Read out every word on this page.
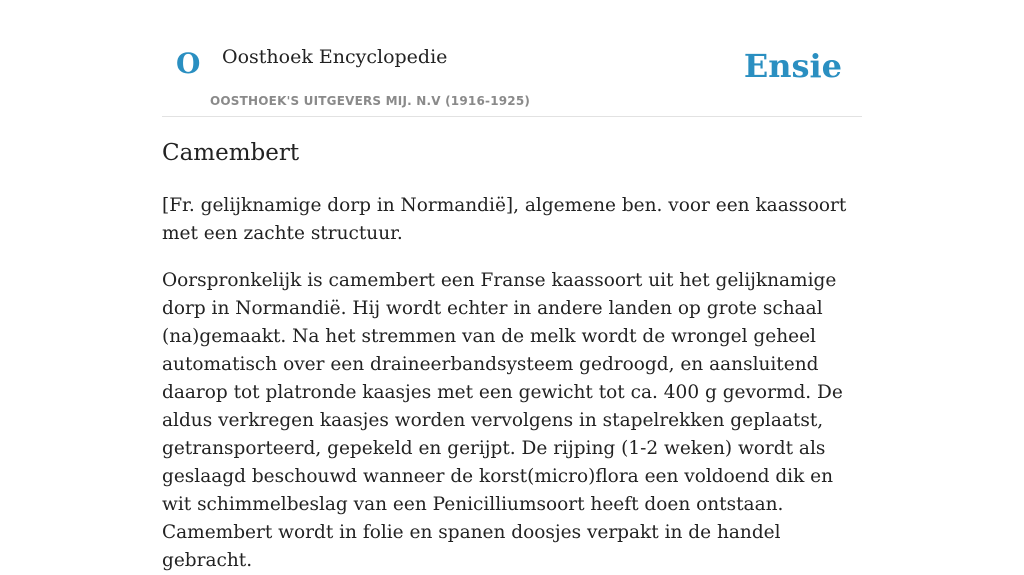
O Oosthoek Encyclopedie
OOSTHOEK'S UITGEVERS MIJ. N.V (1916-1925)
Ensie
Camembert

[Fr. gelijknamige dorp in Normandië], algemene ben. voor een kaassoort met een zachte structuur.

Oorspronkelijk is camembert een Franse kaassoort uit het gelijknamige dorp in Normandië. Hij wordt echter in andere landen op grote schaal (na)gemaakt. Na het stremmen van de melk wordt de wrongel geheel automatisch over een draineerbandsysteem gedroogd, en aansluitend daarop tot platronde kaasjes met een gewicht tot ca. 400 g gevormd. De aldus verkregen kaasjes worden vervolgens in stapelrekken geplaatst, getransporteerd, gepekeld en gerijpt. De rijping (1-2 weken) wordt als geslaagd beschouwd wanneer de korst(micro)flora een voldoend dik en wit schimmelbeslag van een Penicilliumsoort heeft doen ontstaan. Camembert wordt in folie en spanen doosjes verpakt in de handel gebracht.
